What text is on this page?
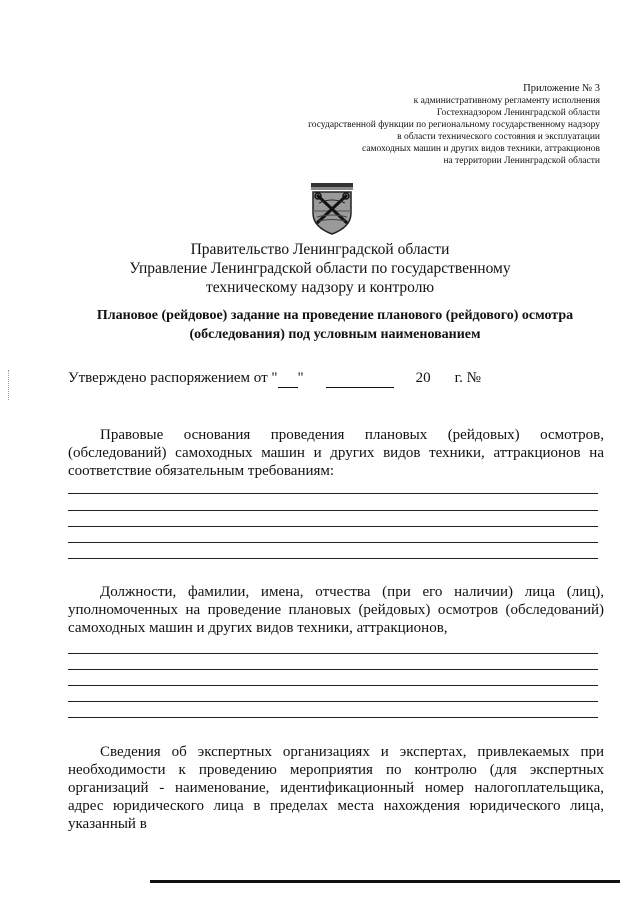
Приложение № 3
к административному регламенту исполнения
Гостехнадзором Ленинградской области
государственной функции по региональному государственному надзору
в области технического состояния и эксплуатации
самоходных машин и других видов техники, аттракционов
на территории Ленинградской области
Правительство Ленинградской области
Управление Ленинградской области по государственному
техническому надзору и контролю
Плановое (рейдовое) задание на проведение планового (рейдового) осмотра
(обследования) под условным наименованием
Утверждено распоряжением от " "	20 г. №
Правовые основания проведения плановых (рейдовых) осмотров, (обследований) самоходных машин и других видов техники, аттракционов на соответствие обязательным требованиям:
Должности, фамилии, имена, отчества (при его наличии) лица (лиц), уполномоченных на проведение плановых (рейдовых) осмотров (обследований) самоходных машин и других видов техники, аттракционов,
Сведения об экспертных организациях и экспертах, привлекаемых при необходимости к проведению мероприятия по контролю (для экспертных организаций - наименование, идентификационный номер налогоплательщика, адрес юридического лица в пределах места нахождения юридического лица, указанный в
